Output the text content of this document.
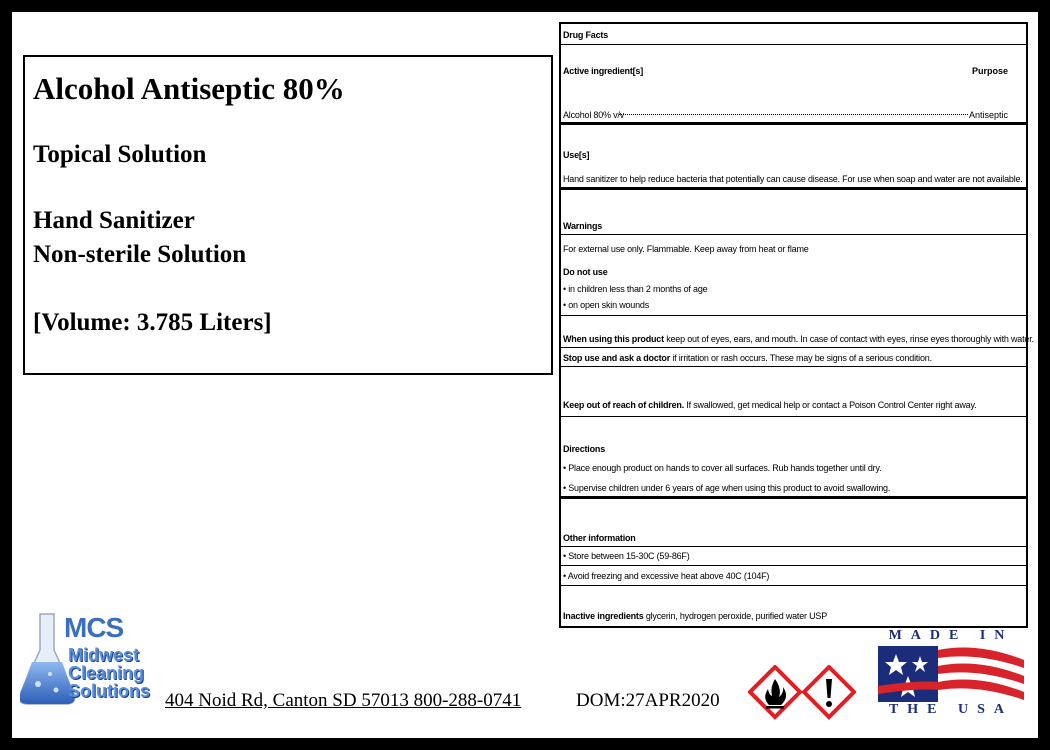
Alcohol Antiseptic 80%
Topical Solution
Hand Sanitizer
Non-sterile Solution
[Volume: 3.785 Liters]
Drug Facts
Active ingredient[s]	Purpose
Alcohol 80% v/v	Antiseptic
Use[s]
Hand sanitizer to help reduce bacteria that potentially can cause disease. For use when soap and water are not available.
Warnings
For external use only. Flammable. Keep away from heat or flame
Do not use
• in children less than 2 months of age
• on open skin wounds
When using this product keep out of eyes, ears, and mouth. In case of contact with eyes, rinse eyes thoroughly with water.
Stop use and ask a doctor if irritation or rash occurs. These may be signs of a serious condition.
Keep out of reach of children. If swallowed, get medical help or contact a Poison Control Center right away.
Directions
• Place enough product on hands to cover all surfaces. Rub hands together until dry.
• Supervise children under 6 years of age when using this product to avoid swallowing.
Other information
• Store between 15-30C (59-86F)
• Avoid freezing and excessive heat above 40C (104F)
Inactive ingredients glycerin, hydrogen peroxide, purified water USP
MCS
Midwest
Cleaning
Solutions 404 Noid Rd, Canton SD 57013 800-288-0741	DOM:27APR2020
MADE IN
THE USA
